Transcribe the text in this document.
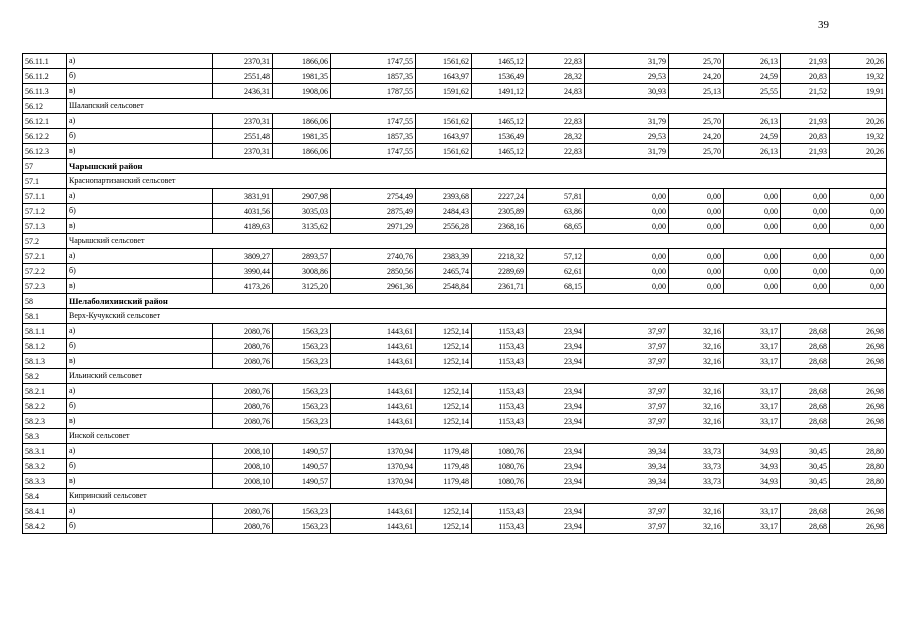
39
56.11.1	а)	2370,31	1866,06	1747,55	1561,62	1465,12	22,83	31,79	25,70	26,13	21,93	20,26
56.11.2	б)	2551,48	1981,35	1857,35	1643,97	1536,49	28,32	29,53	24,20	24,59	20,83	19,32
56.11.3	в)	2436,31	1908,06	1787,55	1591,62	1491,12	24,83	30,93	25,13	25,55	21,52	19,91
56.12	Шалапский сельсовет											
56.12.1	а)	2370,31	1866,06	1747,55	1561,62	1465,12	22,83	31,79	25,70	26,13	21,93	20,26
56.12.2	б)	2551,48	1981,35	1857,35	1643,97	1536,49	28,32	29,53	24,20	24,59	20,83	19,32
56.12.3	в)	2370,31	1866,06	1747,55	1561,62	1465,12	22,83	31,79	25,70	26,13	21,93	20,26
57	Чарышский район											
57.1	Краснопартизанский сельсовет											
57.1.1	а)	3831,91	2907,98	2754,49	2393,68	2227,24	57,81	0,00	0,00	0,00	0,00	0,00
57.1.2	б)	4031,56	3035,03	2875,49	2484,43	2305,89	63,86	0,00	0,00	0,00	0,00	0,00
57.1.3	в)	4189,63	3135,62	2971,29	2556,28	2368,16	68,65	0,00	0,00	0,00	0,00	0,00
57.2	Чарышский сельсовет											
57.2.1	а)	3809,27	2893,57	2740,76	2383,39	2218,32	57,12	0,00	0,00	0,00	0,00	0,00
57.2.2	б)	3990,44	3008,86	2850,56	2465,74	2289,69	62,61	0,00	0,00	0,00	0,00	0,00
57.2.3	в)	4173,26	3125,20	2961,36	2548,84	2361,71	68,15	0,00	0,00	0,00	0,00	0,00
58	Шелаболихинский район											
58.1	Верх-Кучукский сельсовет											
58.1.1	а)	2080,76	1563,23	1443,61	1252,14	1153,43	23,94	37,97	32,16	33,17	28,68	26,98
58.1.2	б)	2080,76	1563,23	1443,61	1252,14	1153,43	23,94	37,97	32,16	33,17	28,68	26,98
58.1.3	в)	2080,76	1563,23	1443,61	1252,14	1153,43	23,94	37,97	32,16	33,17	28,68	26,98
58.2	Ильинский сельсовет											
58.2.1	а)	2080,76	1563,23	1443,61	1252,14	1153,43	23,94	37,97	32,16	33,17	28,68	26,98
58.2.2	б)	2080,76	1563,23	1443,61	1252,14	1153,43	23,94	37,97	32,16	33,17	28,68	26,98
58.2.3	в)	2080,76	1563,23	1443,61	1252,14	1153,43	23,94	37,97	32,16	33,17	28,68	26,98
58.3	Инской сельсовет											
58.3.1	а)	2008,10	1490,57	1370,94	1179,48	1080,76	23,94	39,34	33,73	34,93	30,45	28,80
58.3.2	б)	2008,10	1490,57	1370,94	1179,48	1080,76	23,94	39,34	33,73	34,93	30,45	28,80
58.3.3	в)	2008,10	1490,57	1370,94	1179,48	1080,76	23,94	39,34	33,73	34,93	30,45	28,80
58.4	Кипринский сельсовет											
58.4.1	а)	2080,76	1563,23	1443,61	1252,14	1153,43	23,94	37,97	32,16	33,17	28,68	26,98
58.4.2	б)	2080,76	1563,23	1443,61	1252,14	1153,43	23,94	37,97	32,16	33,17	28,68	26,98
